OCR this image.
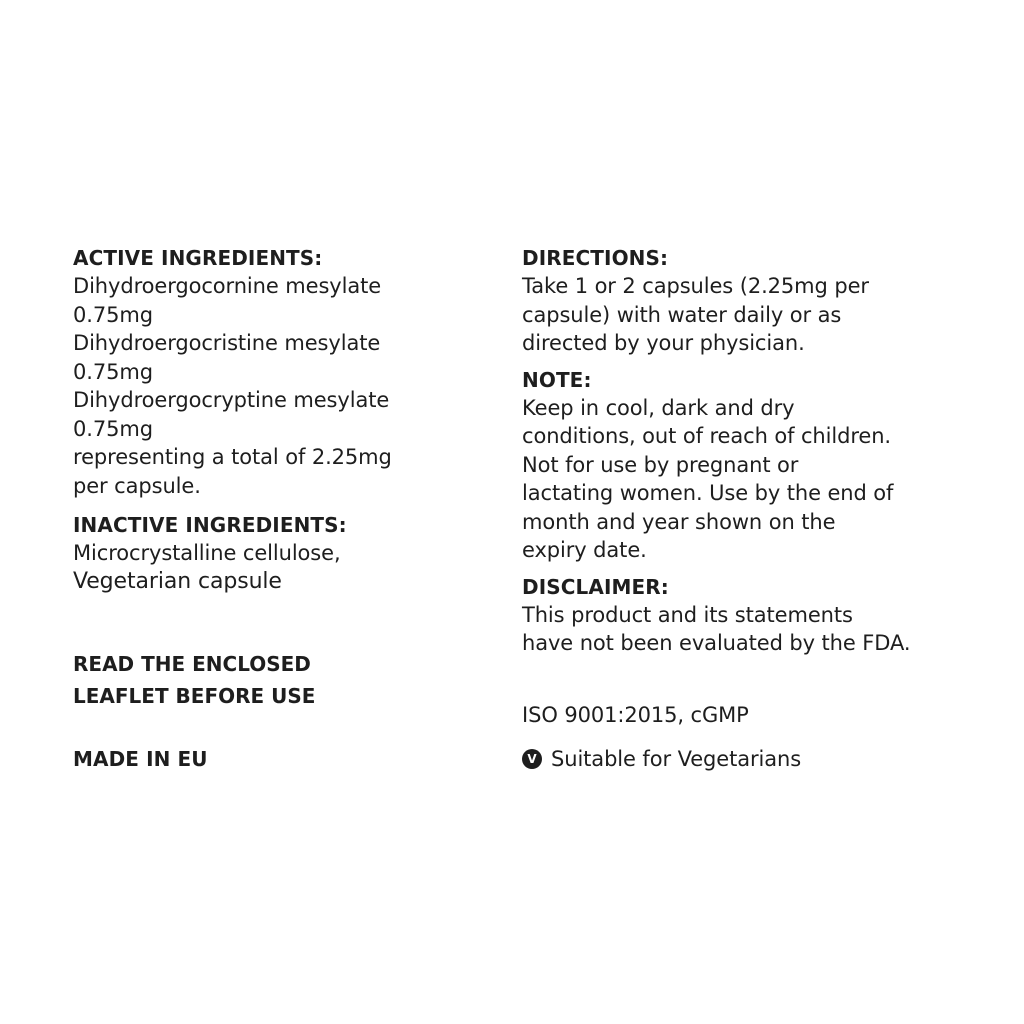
ACTIVE INGREDIENTS:
Dihydroergocornine mesylate
0.75mg
Dihydroergocristine mesylate
0.75mg
Dihydroergocryptine mesylate
0.75mg
representing a total of 2.25mg
per capsule.
INACTIVE INGREDIENTS:
Microcrystalline cellulose,
Vegetarian capsule
READ THE ENCLOSED
LEAFLET BEFORE USE
MADE IN EU
DIRECTIONS:
Take 1 or 2 capsules (2.25mg per
capsule) with water daily or as
directed by your physician.
NOTE:
Keep in cool, dark and dry
conditions, out of reach of children.
Not for use by pregnant or
lactating women. Use by the end of
month and year shown on the
expiry date.
DISCLAIMER:
This product and its statements
have not been evaluated by the FDA.
ISO 9001:2015, cGMP
V Suitable for Vegetarians
